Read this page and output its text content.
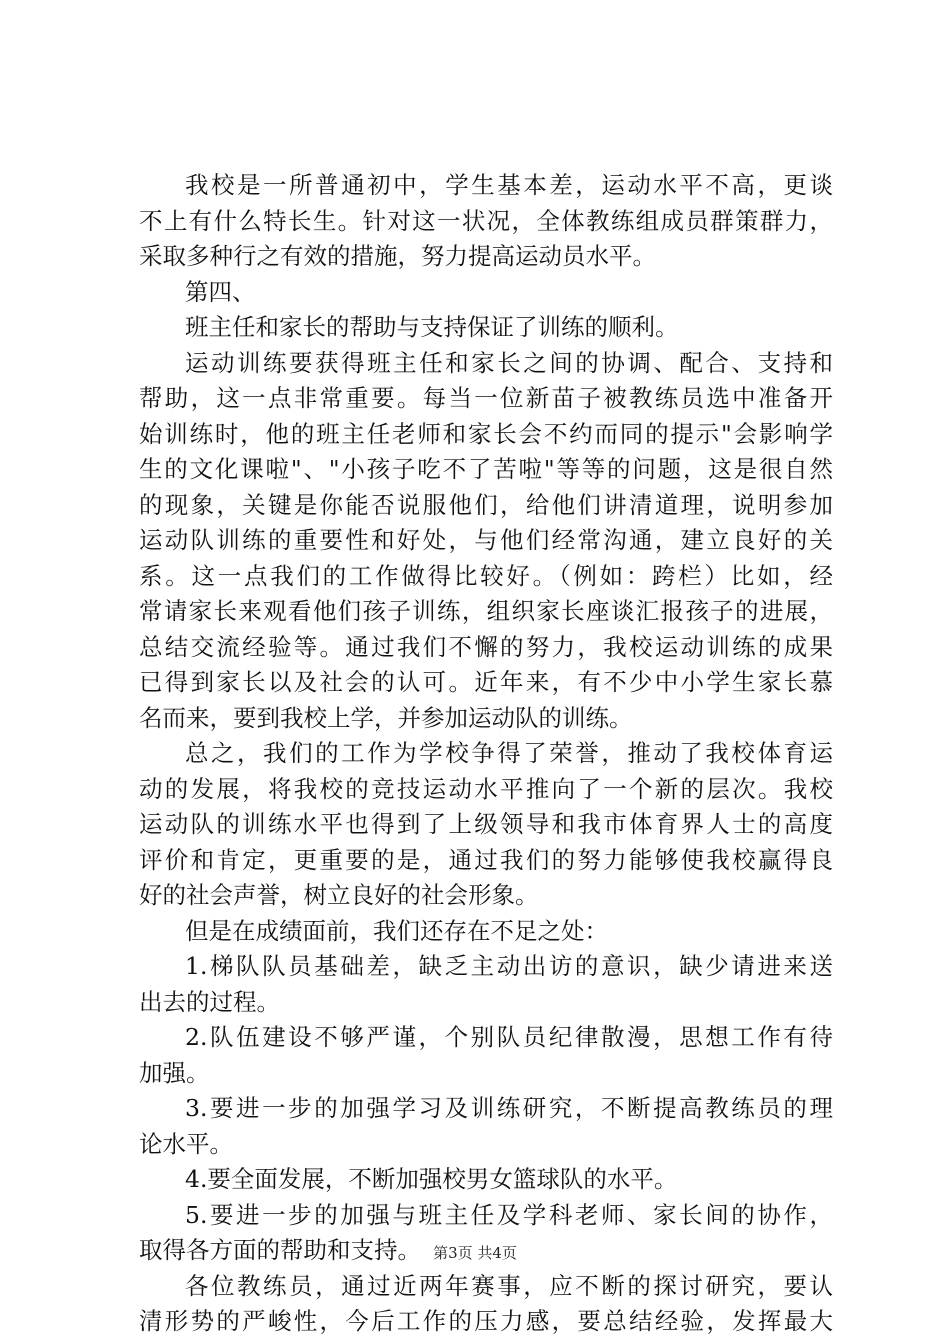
我校是一所普通初中，学生基本差，运动水平不高，更谈
不上有什么特长生。针对这一状况，全体教练组成员群策群力，
采取多种行之有效的措施，努力提高运动员水平。
第四、
班主任和家长的帮助与支持保证了训练的顺利。
运动训练要获得班主任和家长之间的协调、配合、支持和
帮助，这一点非常重要。每当一位新苗子被教练员选中准备开
始训练时，他的班主任老师和家长会不约而同的提示"会影响学
生的文化课啦"、"小孩子吃不了苦啦"等等的问题，这是很自然
的现象，关键是你能否说服他们，给他们讲清道理，说明参加
运动队训练的重要性和好处，与他们经常沟通，建立良好的关
系。这一点我们的工作做得比较好。（例如：跨栏）比如，经
常请家长来观看他们孩子训练，组织家长座谈汇报孩子的进展，
总结交流经验等。通过我们不懈的努力，我校运动训练的成果
已得到家长以及社会的认可。近年来，有不少中小学生家长慕
名而来，要到我校上学，并参加运动队的训练。
总之，我们的工作为学校争得了荣誉，推动了我校体育运
动的发展，将我校的竞技运动水平推向了一个新的层次。我校
运动队的训练水平也得到了上级领导和我市体育界人士的高度
评价和肯定，更重要的是，通过我们的努力能够使我校赢得良
好的社会声誉，树立良好的社会形象。
但是在成绩面前，我们还存在不足之处：
1.梯队队员基础差，缺乏主动出访的意识，缺少请进来送
出去的过程。
2.队伍建设不够严谨，个别队员纪律散漫，思想工作有待
加强。
3.要进一步的加强学习及训练研究，不断提高教练员的理
论水平。
4.要全面发展，不断加强校男女篮球队的水平。
5.要进一步的加强与班主任及学科老师、家长间的协作，
取得各方面的帮助和支持。
各位教练员，通过近两年赛事，应不断的探讨研究，要认
清形势的严峻性，今后工作的压力感，要总结经验，发挥最大
第3页 共4页
